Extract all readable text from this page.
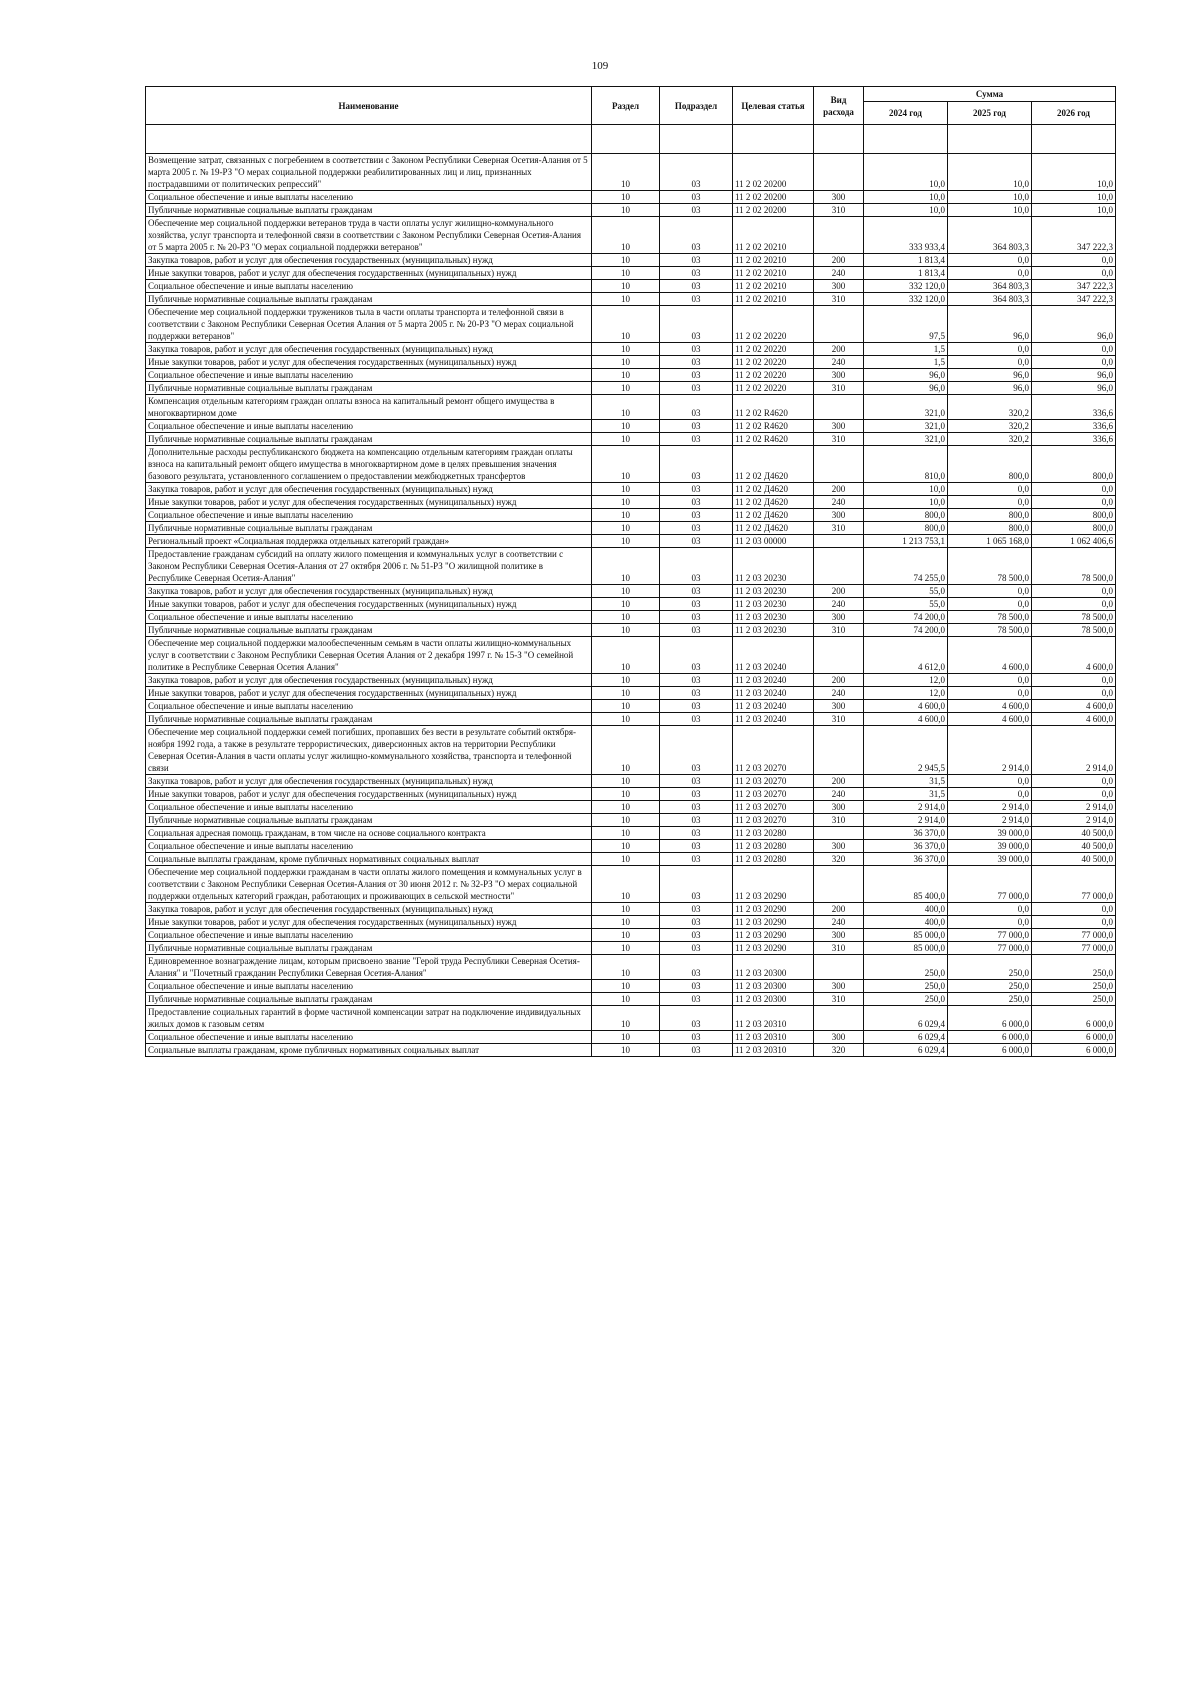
109
Наименование	Раздел	Подраздел	Целевая статья	Вид расхода	Сумма		
					2024 год	2025 год	2026 год

Возмещение затрат, связанных с погребением в соответствии с Законом Республики Северная Осетия-Алания от 5 марта 2005 г. № 19-РЗ "О мерах социальной поддержки реабилитированных лиц и лиц, признанных пострадавшими от политических репрессий"	10	03	11 2 02 20200		10,0	10,0	10,0
Социальное обеспечение и иные выплаты населению	10	03	11 2 02 20200	300	10,0	10,0	10,0
Публичные нормативные социальные выплаты гражданам	10	03	11 2 02 20200	310	10,0	10,0	10,0
Обеспечение мер социальной поддержки ветеранов труда в части оплаты услуг жилищно-коммунального хозяйства, услуг транспорта и телефонной связи в соответствии с Законом Республики Северная Осетия-Алания от 5 марта 2005 г. № 20-РЗ "О мерах социальной поддержки ветеранов"	10	03	11 2 02 20210		333 933,4	364 803,3	347 222,3
Закупка товаров, работ и услуг для обеспечения государственных (муниципальных) нужд	10	03	11 2 02 20210	200	1 813,4	0,0	0,0
Иные закупки товаров, работ и услуг для обеспечения государственных (муниципальных) нужд	10	03	11 2 02 20210	240	1 813,4	0,0	0,0
Социальное обеспечение и иные выплаты населению	10	03	11 2 02 20210	300	332 120,0	364 803,3	347 222,3
Публичные нормативные социальные выплаты гражданам	10	03	11 2 02 20210	310	332 120,0	364 803,3	347 222,3
Обеспечение мер социальной поддержки тружеников тыла в части оплаты транспорта и телефонной связи в соответствии с Законом Республики Северная Осетия Алания от 5 марта 2005 г. № 20-РЗ "О мерах социальной поддержки ветеранов"	10	03	11 2 02 20220		97,5	96,0	96,0
Закупка товаров, работ и услуг для обеспечения государственных (муниципальных) нужд	10	03	11 2 02 20220	200	1,5	0,0	0,0
Иные закупки товаров, работ и услуг для обеспечения государственных (муниципальных) нужд	10	03	11 2 02 20220	240	1,5	0,0	0,0
Социальное обеспечение и иные выплаты населению	10	03	11 2 02 20220	300	96,0	96,0	96,0
Публичные нормативные социальные выплаты гражданам	10	03	11 2 02 20220	310	96,0	96,0	96,0
Компенсация отдельным категориям граждан оплаты взноса на капитальный ремонт общего имущества в многоквартирном доме	10	03	11 2 02 R4620		321,0	320,2	336,6
Социальное обеспечение и иные выплаты населению	10	03	11 2 02 R4620	300	321,0	320,2	336,6
Публичные нормативные социальные выплаты гражданам	10	03	11 2 02 R4620	310	321,0	320,2	336,6
Дополнительные расходы республиканского бюджета на компенсацию отдельным категориям граждан оплаты взноса на капитальный ремонт общего имущества в многоквартирном доме в целях превышения значения базового результата, установленного соглашением о предоставлении межбюджетных трансфертов	10	03	11 2 02 Д4620		810,0	800,0	800,0
Закупка товаров, работ и услуг для обеспечения государственных (муниципальных) нужд	10	03	11 2 02 Д4620	200	10,0	0,0	0,0
Иные закупки товаров, работ и услуг для обеспечения государственных (муниципальных) нужд	10	03	11 2 02 Д4620	240	10,0	0,0	0,0
Социальное обеспечение и иные выплаты населению	10	03	11 2 02 Д4620	300	800,0	800,0	800,0
Публичные нормативные социальные выплаты гражданам	10	03	11 2 02 Д4620	310	800,0	800,0	800,0
Региональный проект «Социальная поддержка отдельных категорий граждан»	10	03	11 2 03 00000		1 213 753,1	1 065 168,0	1 062 406,6
Предоставление гражданам субсидий на оплату жилого помещения и коммунальных услуг в соответствии с Законом Республики Северная Осетия-Алания от 27 октября 2006 г. № 51-РЗ "О жилищной политике в Республике Северная Осетия-Алания"	10	03	11 2 03 20230		74 255,0	78 500,0	78 500,0
Закупка товаров, работ и услуг для обеспечения государственных (муниципальных) нужд	10	03	11 2 03 20230	200	55,0	0,0	0,0
Иные закупки товаров, работ и услуг для обеспечения государственных (муниципальных) нужд	10	03	11 2 03 20230	240	55,0	0,0	0,0
Социальное обеспечение и иные выплаты населению	10	03	11 2 03 20230	300	74 200,0	78 500,0	78 500,0
Публичные нормативные социальные выплаты гражданам	10	03	11 2 03 20230	310	74 200,0	78 500,0	78 500,0
Обеспечение мер социальной поддержки малообеспеченным семьям в части оплаты жилищно-коммунальных услуг в соответствии с Законом Республики Северная Осетия Алания от 2 декабря 1997 г. № 15-З "О семейной политике в Республике Северная Осетия Алания"	10	03	11 2 03 20240		4 612,0	4 600,0	4 600,0
Закупка товаров, работ и услуг для обеспечения государственных (муниципальных) нужд	10	03	11 2 03 20240	200	12,0	0,0	0,0
Иные закупки товаров, работ и услуг для обеспечения государственных (муниципальных) нужд	10	03	11 2 03 20240	240	12,0	0,0	0,0
Социальное обеспечение и иные выплаты населению	10	03	11 2 03 20240	300	4 600,0	4 600,0	4 600,0
Публичные нормативные социальные выплаты гражданам	10	03	11 2 03 20240	310	4 600,0	4 600,0	4 600,0
Обеспечение мер социальной поддержки семей погибших, пропавших без вести в результате событий октября-ноября 1992 года, а также в результате террористических, диверсионных актов на территории Республики Северная Осетия-Алания в части оплаты услуг жилищно-коммунального хозяйства, транспорта и телефонной связи	10	03	11 2 03 20270		2 945,5	2 914,0	2 914,0
Закупка товаров, работ и услуг для обеспечения государственных (муниципальных) нужд	10	03	11 2 03 20270	200	31,5	0,0	0,0
Иные закупки товаров, работ и услуг для обеспечения государственных (муниципальных) нужд	10	03	11 2 03 20270	240	31,5	0,0	0,0
Социальное обеспечение и иные выплаты населению	10	03	11 2 03 20270	300	2 914,0	2 914,0	2 914,0
Публичные нормативные социальные выплаты гражданам	10	03	11 2 03 20270	310	2 914,0	2 914,0	2 914,0
Социальная адресная помощь гражданам, в том числе на основе социального контракта	10	03	11 2 03 20280		36 370,0	39 000,0	40 500,0
Социальное обеспечение и иные выплаты населению	10	03	11 2 03 20280	300	36 370,0	39 000,0	40 500,0
Социальные выплаты гражданам, кроме публичных нормативных социальных выплат	10	03	11 2 03 20280	320	36 370,0	39 000,0	40 500,0
Обеспечение мер социальной поддержки гражданам в части оплаты жилого помещения и коммунальных услуг в соответствии с Законом Республики Северная Осетия-Алания от 30 июня 2012 г. № 32-РЗ "О мерах социальной поддержки отдельных категорий граждан, работающих и проживающих в сельской местности"	10	03	11 2 03 20290		85 400,0	77 000,0	77 000,0
Закупка товаров, работ и услуг для обеспечения государственных (муниципальных) нужд	10	03	11 2 03 20290	200	400,0	0,0	0,0
Иные закупки товаров, работ и услуг для обеспечения государственных (муниципальных) нужд	10	03	11 2 03 20290	240	400,0	0,0	0,0
Социальное обеспечение и иные выплаты населению	10	03	11 2 03 20290	300	85 000,0	77 000,0	77 000,0
Публичные нормативные социальные выплаты гражданам	10	03	11 2 03 20290	310	85 000,0	77 000,0	77 000,0
Единовременное вознаграждение лицам, которым присвоено звание "Герой труда Республики Северная Осетия-Алания" и "Почетный гражданин Республики Северная Осетия-Алания"	10	03	11 2 03 20300		250,0	250,0	250,0
Социальное обеспечение и иные выплаты населению	10	03	11 2 03 20300	300	250,0	250,0	250,0
Публичные нормативные социальные выплаты гражданам	10	03	11 2 03 20300	310	250,0	250,0	250,0
Предоставление социальных гарантий в форме частичной компенсации затрат на подключение индивидуальных жилых домов к газовым сетям	10	03	11 2 03 20310		6 029,4	6 000,0	6 000,0
Социальное обеспечение и иные выплаты населению	10	03	11 2 03 20310	300	6 029,4	6 000,0	6 000,0
Социальные выплаты гражданам, кроме публичных нормативных социальных выплат	10	03	11 2 03 20310	320	6 029,4	6 000,0	6 000,0
